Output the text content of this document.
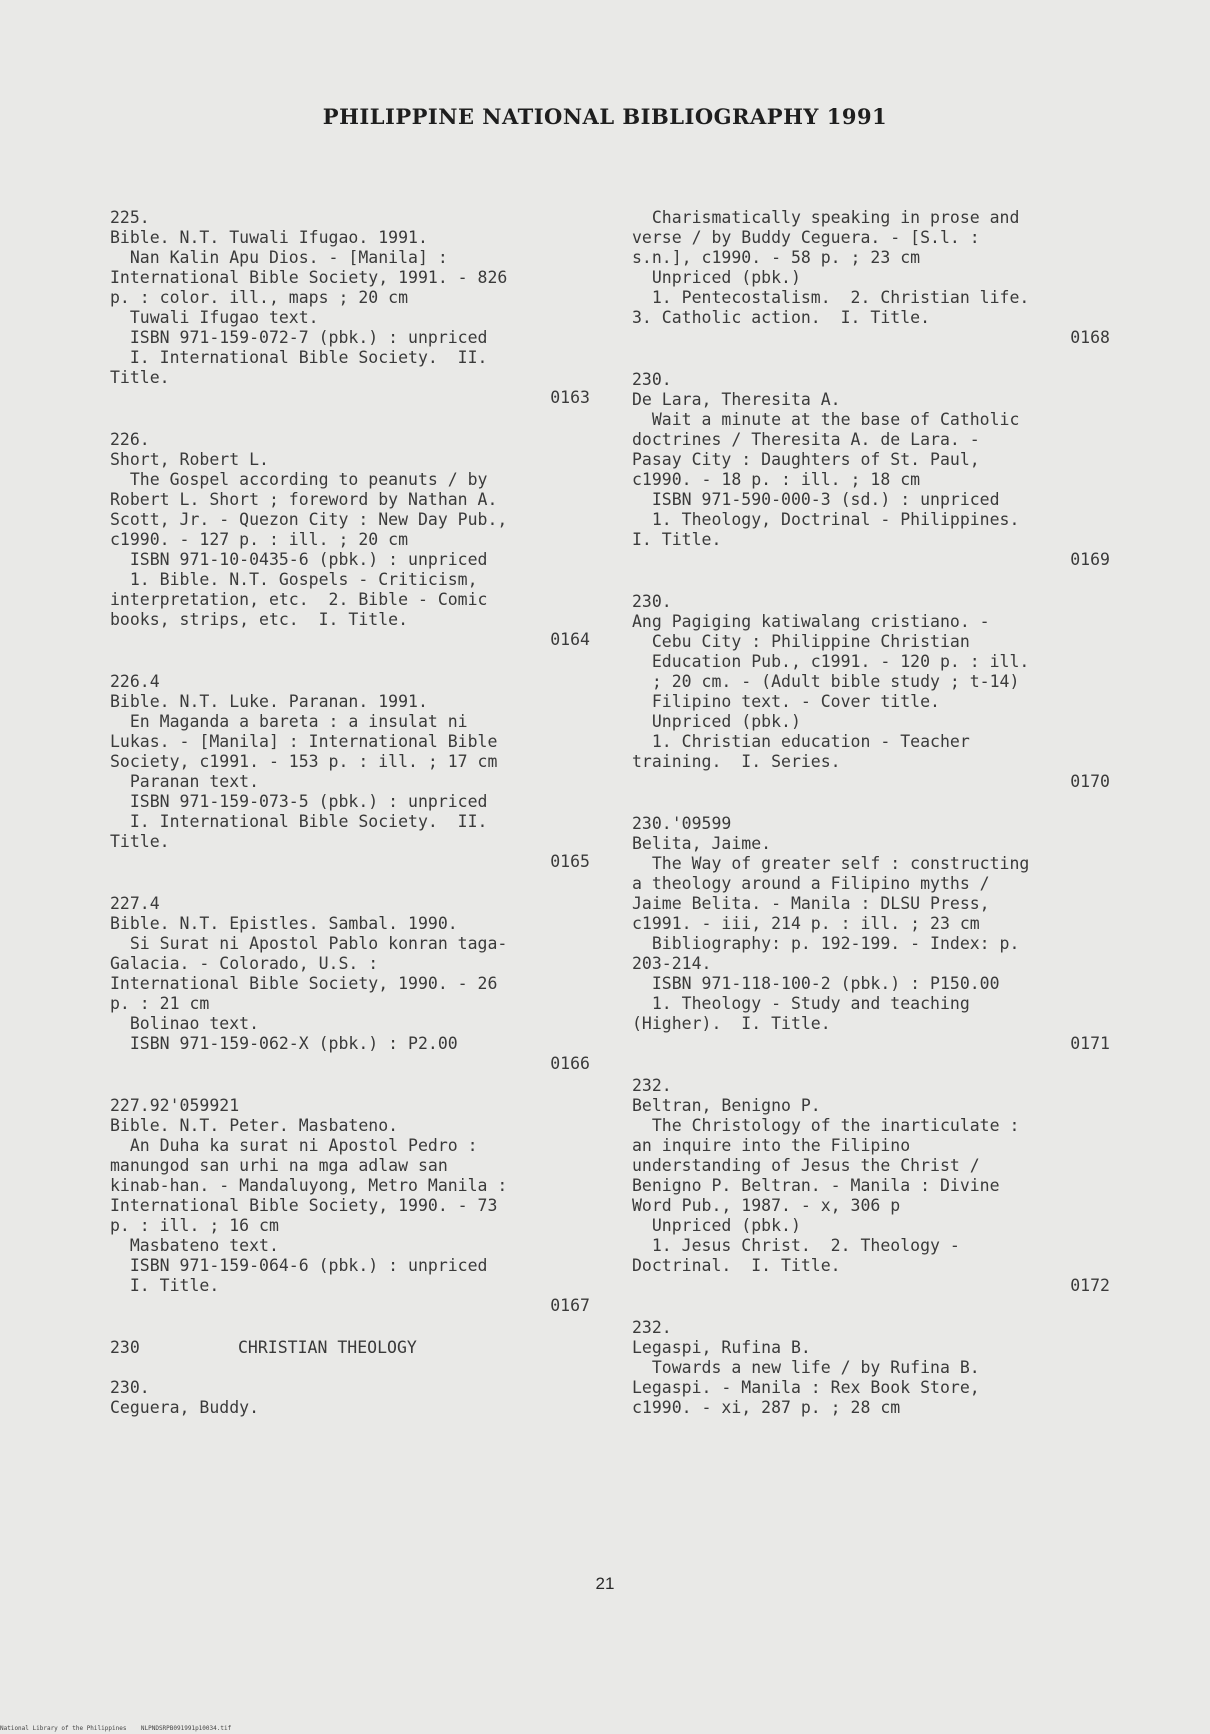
PHILIPPINE NATIONAL BIBLIOGRAPHY 1991
225.
Bible. N.T. Tuwali Ifugao. 1991.
Nan Kalin Apu Dios. - [Manila] :
International Bible Society, 1991. - 826
p. : color. ill., maps ; 20 cm
Tuwali Ifugao text.
ISBN 971-159-072-7 (pbk.) : unpriced
I. International Bible Society.  II.
Title.
0163
226.
Short, Robert L.
The Gospel according to peanuts / by
Robert L. Short ; foreword by Nathan A.
Scott, Jr. - Quezon City : New Day Pub.,
c1990. - 127 p. : ill. ; 20 cm
ISBN 971-10-0435-6 (pbk.) : unpriced
1. Bible. N.T. Gospels - Criticism,
interpretation, etc.  2. Bible - Comic
books, strips, etc.  I. Title.
0164
226.4
Bible. N.T. Luke. Paranan. 1991.
En Maganda a bareta : a insulat ni
Lukas. - [Manila] : International Bible
Society, c1991. - 153 p. : ill. ; 17 cm
Paranan text.
ISBN 971-159-073-5 (pbk.) : unpriced
I. International Bible Society.  II.
Title.
0165
227.4
Bible. N.T. Epistles. Sambal. 1990.
Si Surat ni Apostol Pablo konran taga-
Galacia. - Colorado, U.S. :
International Bible Society, 1990. - 26
p. : 21 cm
Bolinao text.
ISBN 971-159-062-X (pbk.) : P2.00
0166
227.92'059921
Bible. N.T. Peter. Masbateno.
An Duha ka surat ni Apostol Pedro :
manungod san urhi na mga adlaw san
kinab-han. - Mandaluyong, Metro Manila :
International Bible Society, 1990. - 73
p. : ill. ; 16 cm
Masbateno text.
ISBN 971-159-064-6 (pbk.) : unpriced
I. Title.
0167
230	CHRISTIAN THEOLOGY
230.
Ceguera, Buddy.
Charismatically speaking in prose and
verse / by Buddy Ceguera. - [S.l. :
s.n.], c1990. - 58 p. ; 23 cm
Unpriced (pbk.)
1. Pentecostalism.  2. Christian life.
3. Catholic action.  I. Title.
0168
230.
De Lara, Theresita A.
Wait a minute at the base of Catholic
doctrines / Theresita A. de Lara. -
Pasay City : Daughters of St. Paul,
c1990. - 18 p. : ill. ; 18 cm
ISBN 971-590-000-3 (sd.) : unpriced
1. Theology, Doctrinal - Philippines.
I. Title.
0169
230.
Ang Pagiging katiwalang cristiano. -
Cebu City : Philippine Christian
Education Pub., c1991. - 120 p. : ill.
; 20 cm. - (Adult bible study ; t-14)
Filipino text. - Cover title.
Unpriced (pbk.)
1. Christian education - Teacher
training.  I. Series.
0170
230.'09599
Belita, Jaime.
The Way of greater self : constructing
a theology around a Filipino myths /
Jaime Belita. - Manila : DLSU Press,
c1991. - iii, 214 p. : ill. ; 23 cm
Bibliography: p. 192-199. - Index: p.
203-214.
ISBN 971-118-100-2 (pbk.) : P150.00
1. Theology - Study and teaching
(Higher).  I. Title.
0171
232.
Beltran, Benigno P.
The Christology of the inarticulate :
an inquire into the Filipino
understanding of Jesus the Christ /
Benigno P. Beltran. - Manila : Divine
Word Pub., 1987. - x, 306 p
Unpriced (pbk.)
1. Jesus Christ.  2. Theology -
Doctrinal.  I. Title.
0172
232.
Legaspi, Rufina B.
Towards a new life / by Rufina B.
Legaspi. - Manila : Rex Book Store,
c1990. - xi, 287 p. ; 28 cm
21
National Library of the Philippines    NLPNDSRPB091991p10034.tif
